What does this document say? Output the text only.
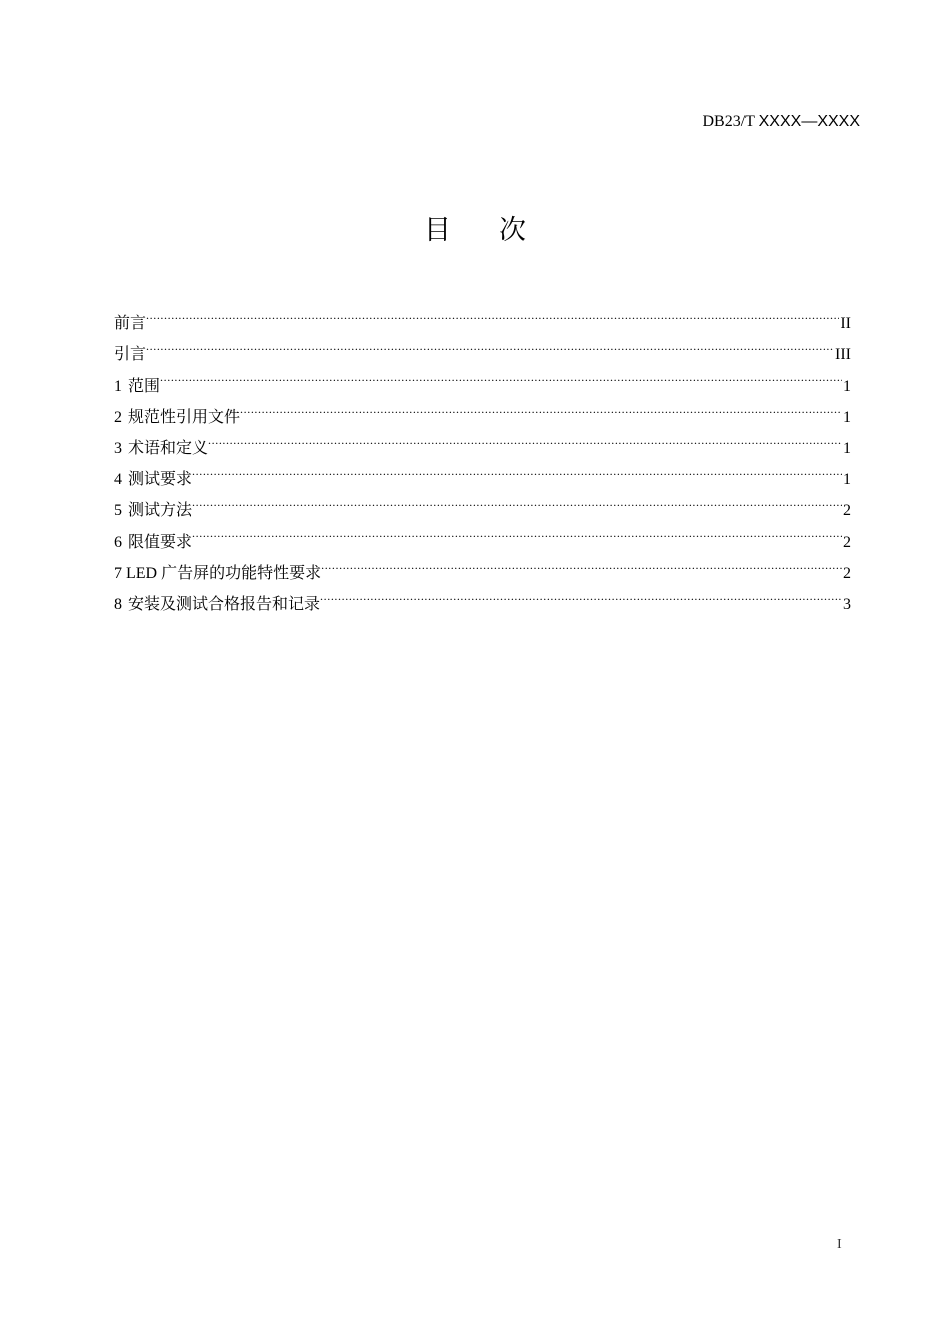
DB23/T XXXX—XXXX
目次
前言 .....	II
引言 .....	III
1 范围 .....	1
2 规范性引用文件 .....	1
3 术语和定义 .....	1
4 测试要求 .....	1
5 测试方法 .....	2
6 限值要求 .....	2
7 LED 广告屏的功能特性要求 .....	2
8 安装及测试合格报告和记录 .....	3
I
